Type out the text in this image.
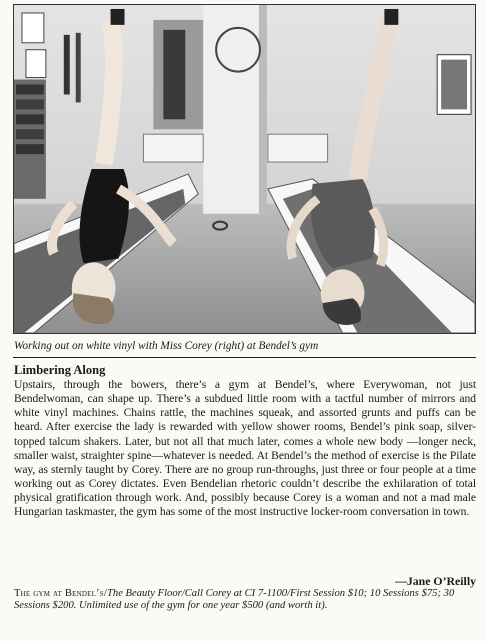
Working out on white vinyl with Miss Corey (right) at Bendel’s gym
Limbering Along

Upstairs, through the bowers, there’s a gym at Bendel’s, where Everywoman, not just Bendelwoman, can shape up. There’s a subdued little room with a tactful number of mirrors and white vinyl machines. Chains rattle, the machines squeak, and assorted grunts and puffs can be heard. After exercise the lady is rewarded with yellow shower rooms, Bendel’s pink soap, silver-topped talcum shakers. Later, but not all that much later, comes a whole new body —longer neck, smaller waist, straighter spine—whatever is needed. At Bendel’s the method of exercise is the Pilate way, as sternly taught by Corey. There are no group run-throughs, just three or four people at a time working out as Corey dictates. Even Bendelian rhetoric couldn’t describe the exhilaration of total physical gratification through work. And, possibly because Corey is a woman and not a mad male Hungarian taskmaster, the gym has some of the most instructive locker-room conversation in town.

—Jane O’Reilly
The gym at Bendel’s/The Beauty Floor/Call Corey at CI 7-1100/First Session $10; 10 Sessions $75; 30 Sessions $200. Unlimited use of the gym for one year $500 (and worth it).
